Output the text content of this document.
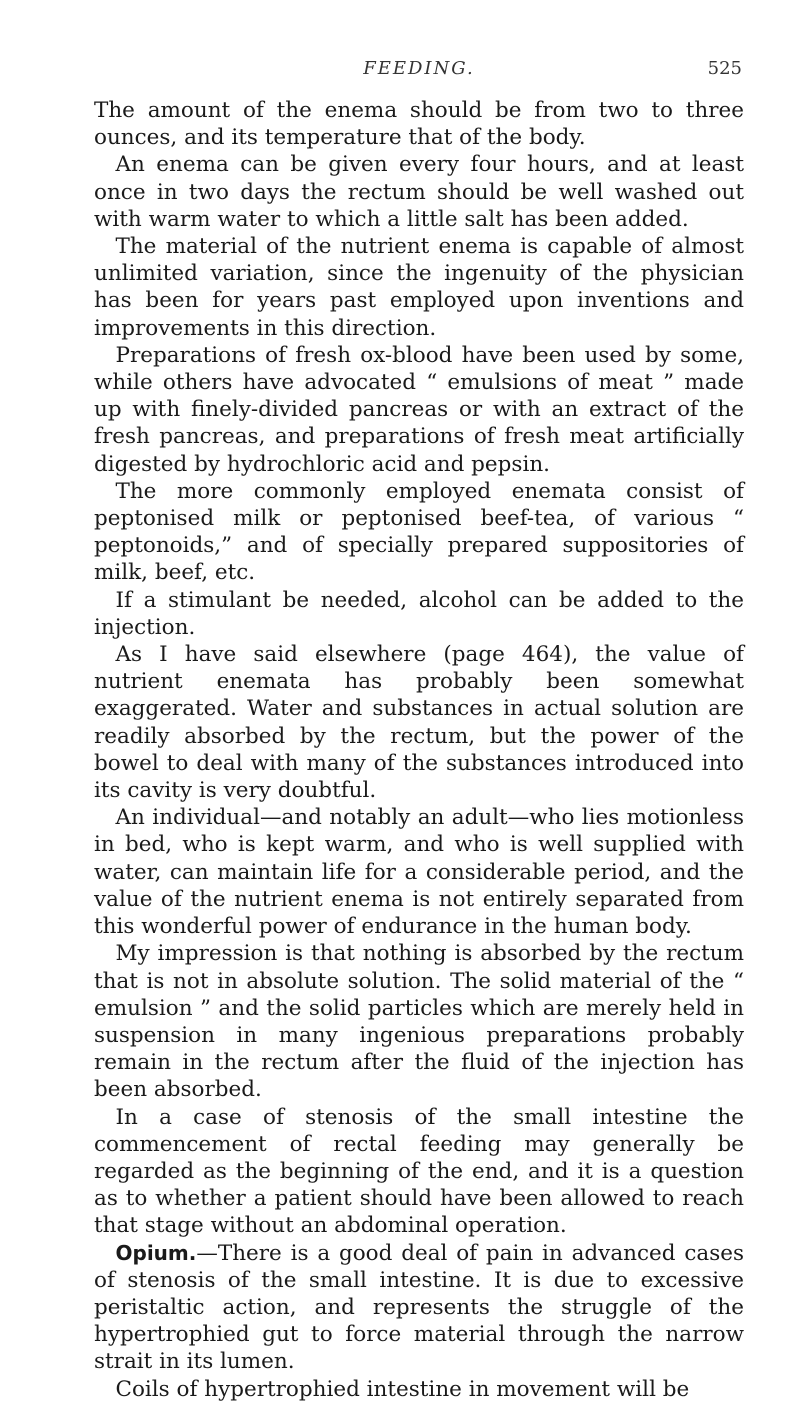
FEEDING.	525

The amount of the enema should be from two to three ounces, and its temperature that of the body.

An enema can be given every four hours, and at least once in two days the rectum should be well washed out with warm water to which a little salt has been added.

The material of the nutrient enema is capable of almost unlimited variation, since the ingenuity of the physician has been for years past employed upon inventions and improvements in this direction.

Preparations of fresh ox-blood have been used by some, while others have advocated “ emulsions of meat ” made up with finely-divided pancreas or with an extract of the fresh pancreas, and preparations of fresh meat artificially digested by hydrochloric acid and pepsin.

The more commonly employed enemata consist of peptonised milk or peptonised beef-tea, of various “ peptonoids,” and of specially prepared suppositories of milk, beef, etc.

If a stimulant be needed, alcohol can be added to the injection.

As I have said elsewhere (page 464), the value of nutrient enemata has probably been somewhat exaggerated. Water and substances in actual solution are readily absorbed by the rectum, but the power of the bowel to deal with many of the substances introduced into its cavity is very doubtful.

An individual—and notably an adult—who lies motionless in bed, who is kept warm, and who is well supplied with water, can maintain life for a considerable period, and the value of the nutrient enema is not entirely separated from this wonderful power of endurance in the human body.

My impression is that nothing is absorbed by the rectum that is not in absolute solution. The solid material of the “ emulsion ” and the solid particles which are merely held in suspension in many ingenious preparations probably remain in the rectum after the fluid of the injection has been absorbed.

In a case of stenosis of the small intestine the commencement of rectal feeding may generally be regarded as the beginning of the end, and it is a question as to whether a patient should have been allowed to reach that stage without an abdominal operation.

Opium.—There is a good deal of pain in advanced cases of stenosis of the small intestine. It is due to excessive peristaltic action, and represents the struggle of the hypertrophied gut to force material through the narrow strait in its lumen.

Coils of hypertrophied intestine in movement will be
